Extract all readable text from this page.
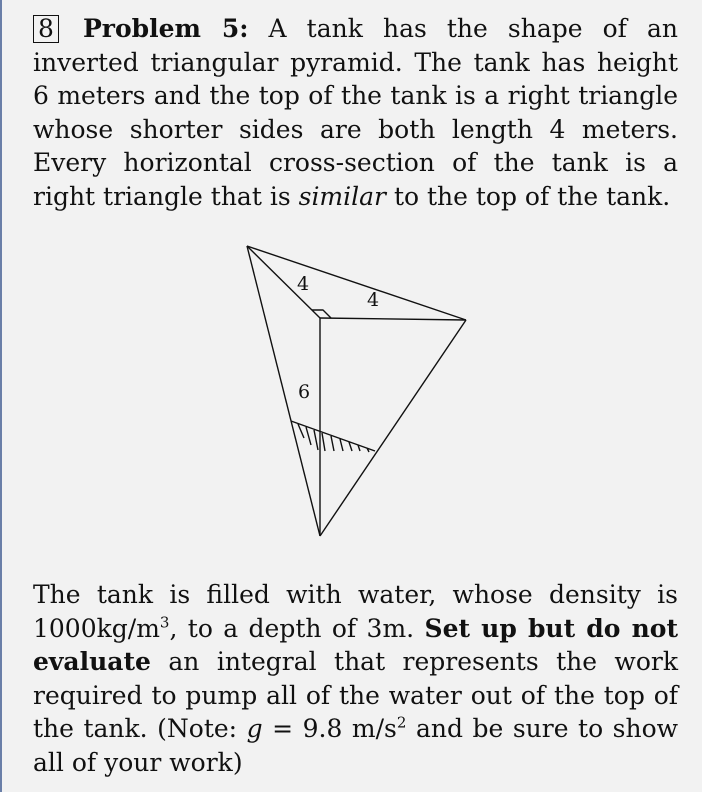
8 Problem 5: A tank has the shape of an inverted triangular pyramid. The tank has height 6 meters and the top of the tank is a right triangle whose shorter sides are both length 4 meters. Every horizontal cross-section of the tank is a right triangle that is similar to the top of the tank.
4
4
6
The tank is filled with water, whose density is $1000kg/m^3$, to a depth of 3m. Set up but do not evaluate an integral that represents the work required to pump all of the water out of the top of the tank. (Note: g = 9.8 $m/s^2$ and be sure to show all of your work)
